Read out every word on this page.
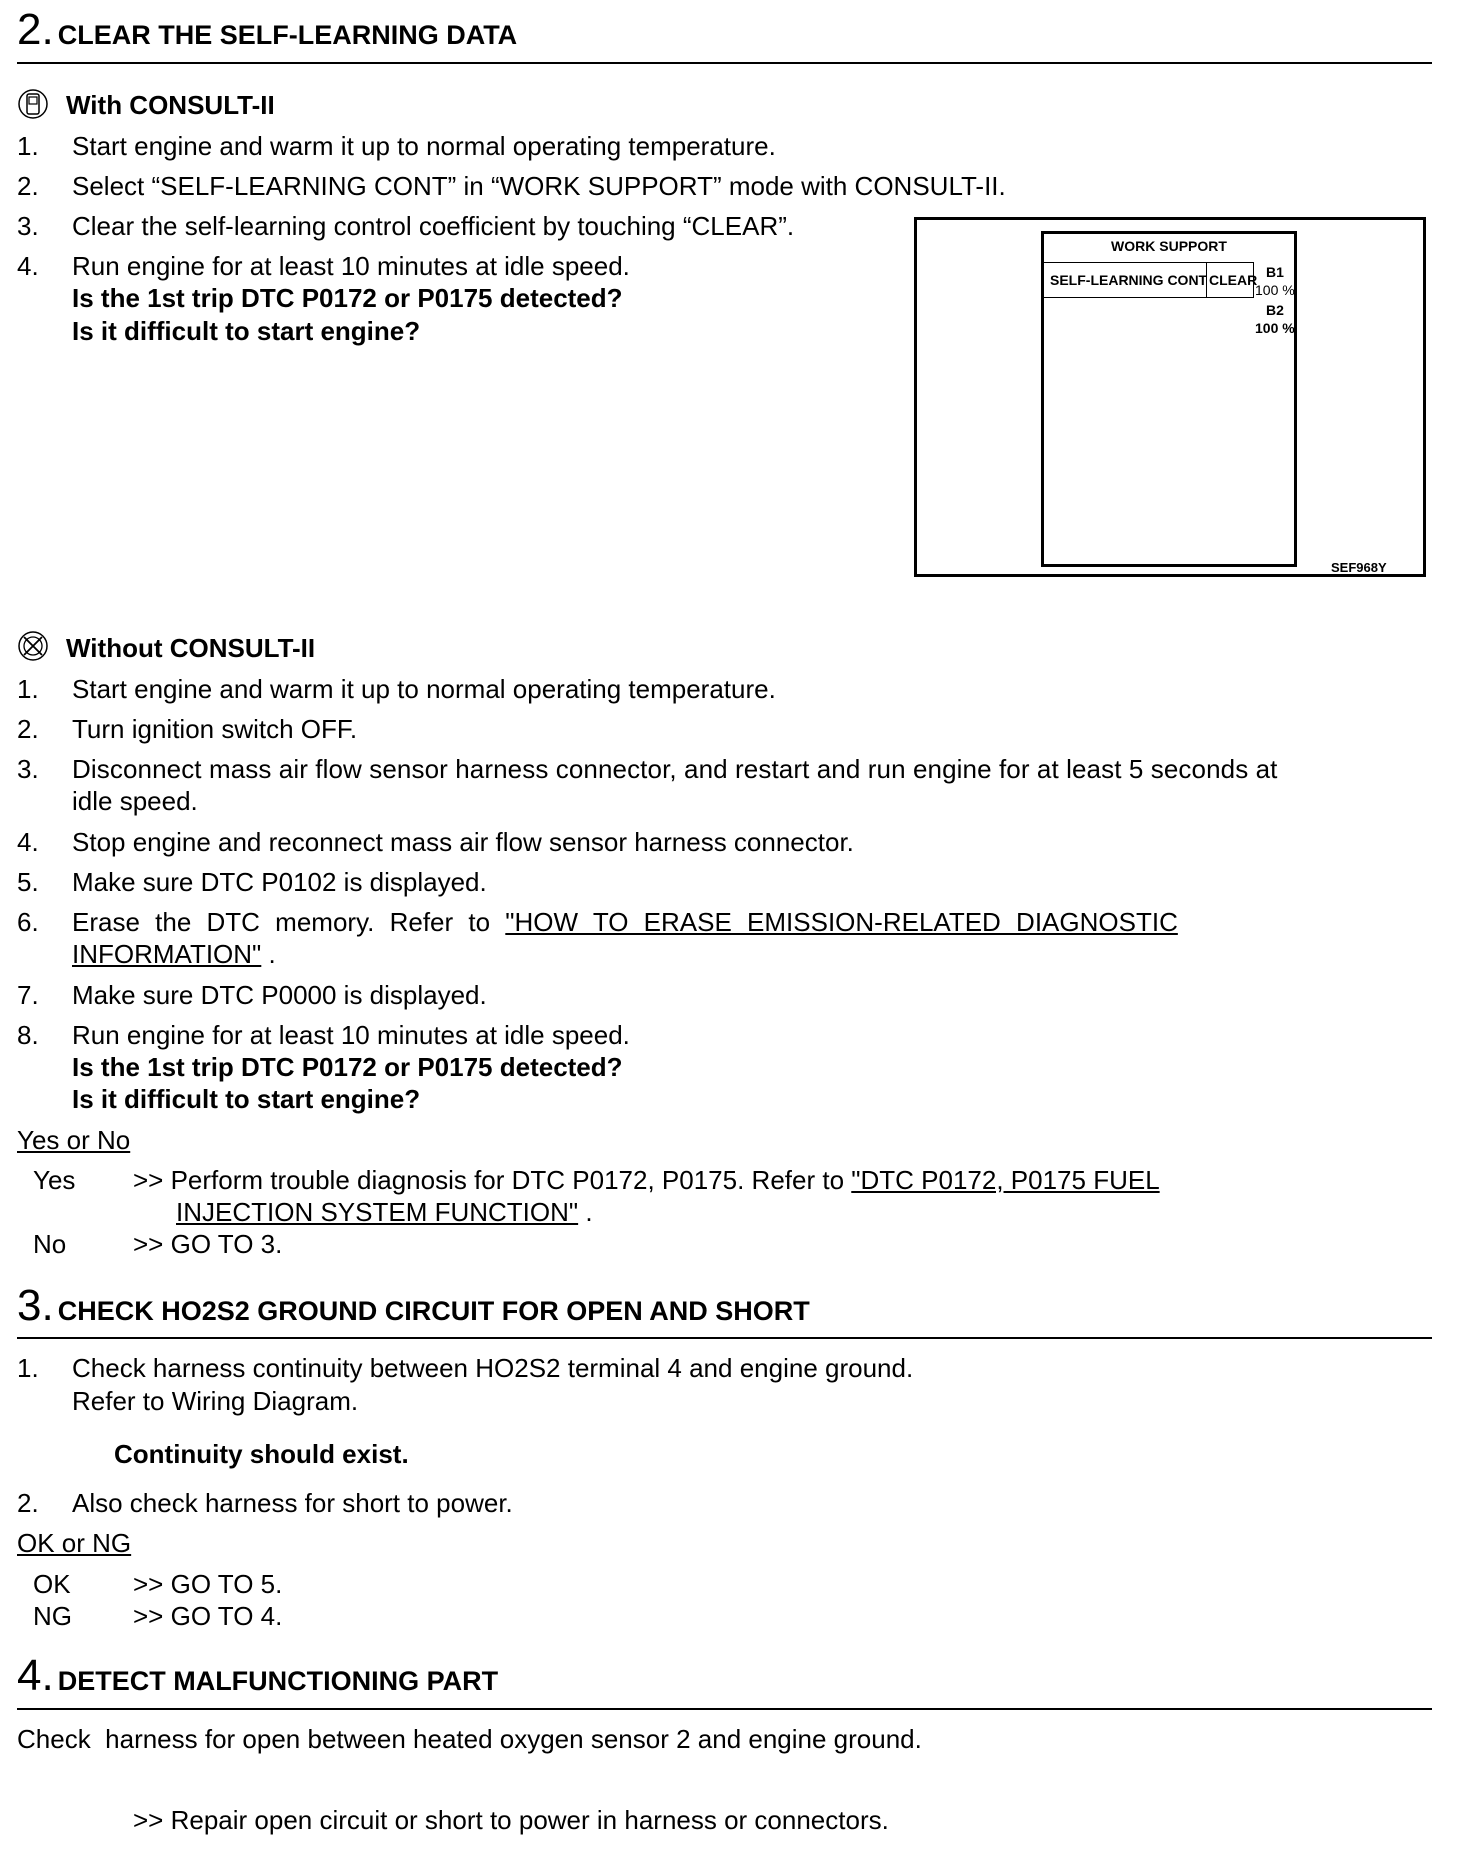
2. CLEAR THE SELF-LEARNING DATA
With CONSULT-II
1. Start engine and warm it up to normal operating temperature.
2. Select “SELF-LEARNING CONT” in “WORK SUPPORT” mode with CONSULT-II.
3. Clear the self-learning control coefficient by touching “CLEAR”.
4. Run engine for at least 10 minutes at idle speed.
Is the 1st trip DTC P0172 or P0175 detected?
Is it difficult to start engine?
WORK SUPPORT
SELF-LEARNING CONT CLEAR B1
100 %
B2
100 %
SEF968Y
Without CONSULT-II
1. Start engine and warm it up to normal operating temperature.
2. Turn ignition switch OFF.
3. Disconnect mass air flow sensor harness connector, and restart and run engine for at least 5 seconds at
idle speed.
4. Stop engine and reconnect mass air flow sensor harness connector.
5. Make sure DTC P0102 is displayed.
6. Erase the DTC memory. Refer to "HOW TO ERASE EMISSION-RELATED DIAGNOSTIC
INFORMATION" .
7. Make sure DTC P0000 is displayed.
8. Run engine for at least 10 minutes at idle speed.
Is the 1st trip DTC P0172 or P0175 detected?
Is it difficult to start engine?
Yes or No
Yes >> Perform trouble diagnosis for DTC P0172, P0175. Refer to "DTC P0172, P0175 FUEL
INJECTION SYSTEM FUNCTION" .
No	>> GO TO 3.
3. CHECK HO2S2 GROUND CIRCUIT FOR OPEN AND SHORT
1. Check harness continuity between HO2S2 terminal 4 and engine ground.
Refer to Wiring Diagram.
Continuity should exist.
2. Also check harness for short to power.
OK or NG
OK >> GO TO 5.
NG >> GO TO 4.
4. DETECT MALFUNCTIONING PART
Check  harness for open between heated oxygen sensor 2 and engine ground.
>> Repair open circuit or short to power in harness or connectors.
